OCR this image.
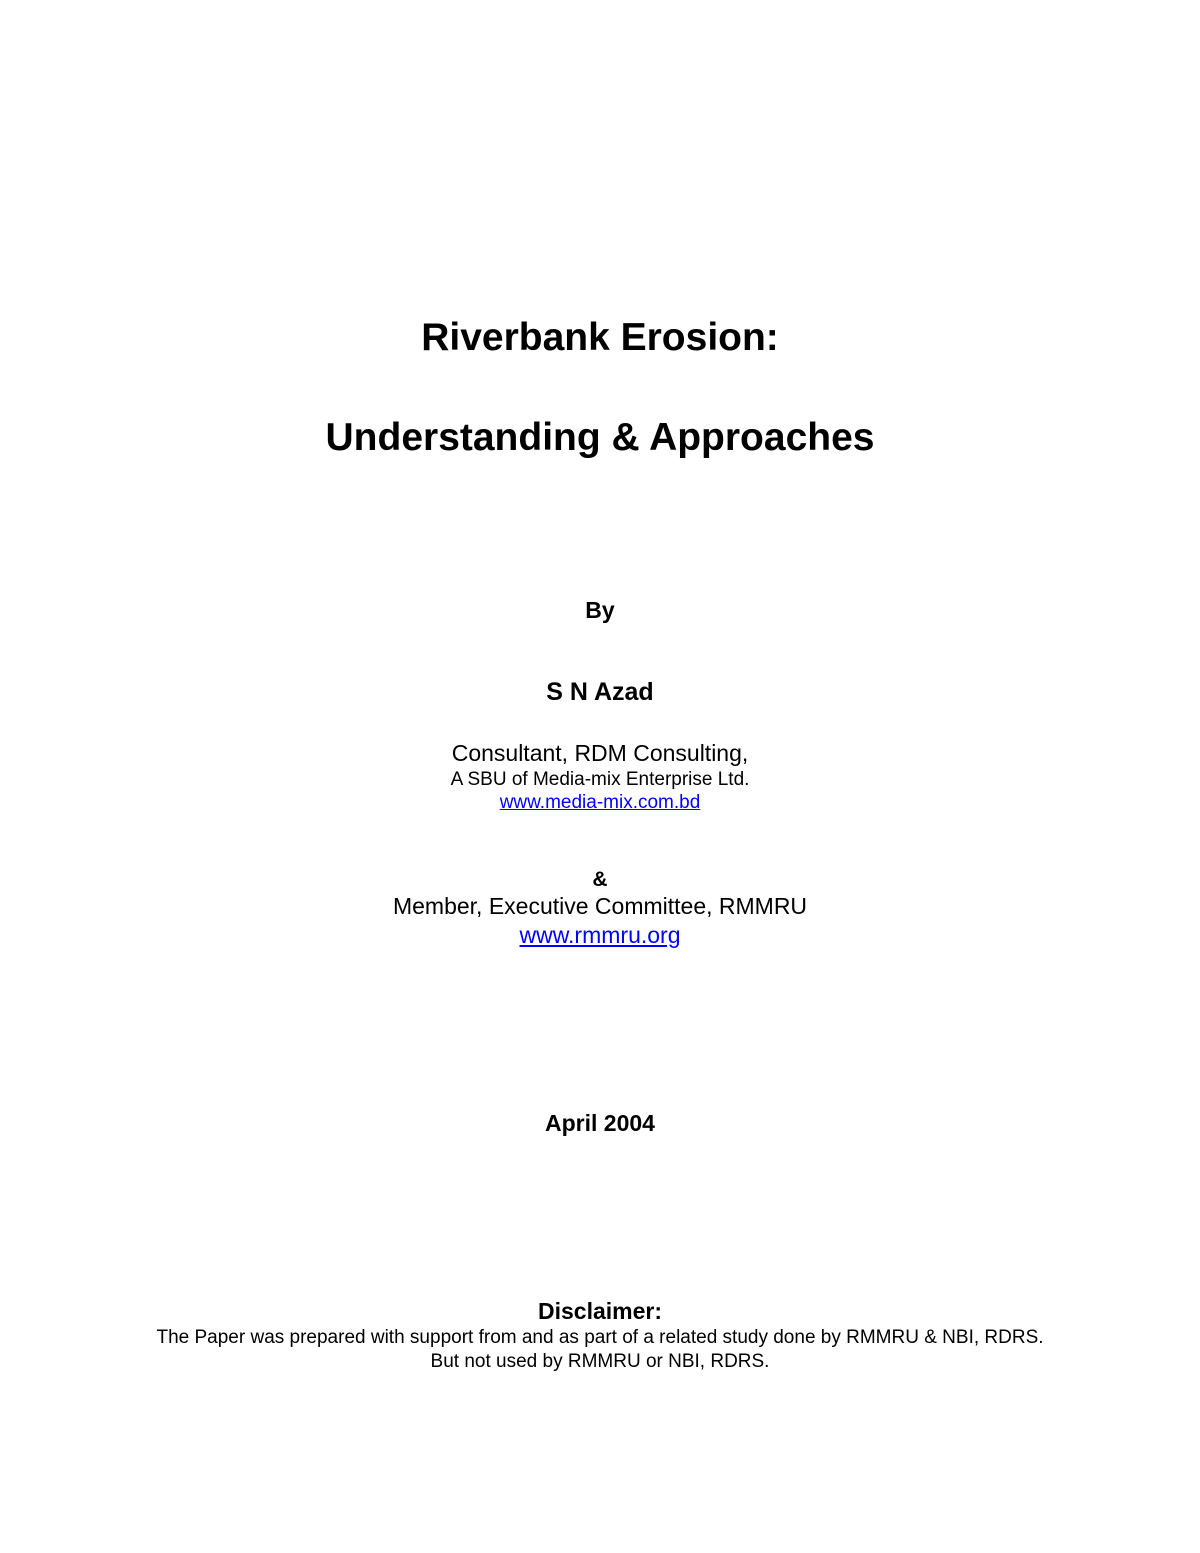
Riverbank Erosion:
Understanding & Approaches

By

S N Azad

Consultant, RDM Consulting,

A SBU of Media-mix Enterprise Ltd.

www.media-mix.com.bd

&

Member, Executive Committee, RMMRU

www.rmmru.org

April 2004

Disclaimer:

The Paper was prepared with support from and as part of a related study done by RMMRU & NBI, RDRS.

But not used by RMMRU or NBI, RDRS.
